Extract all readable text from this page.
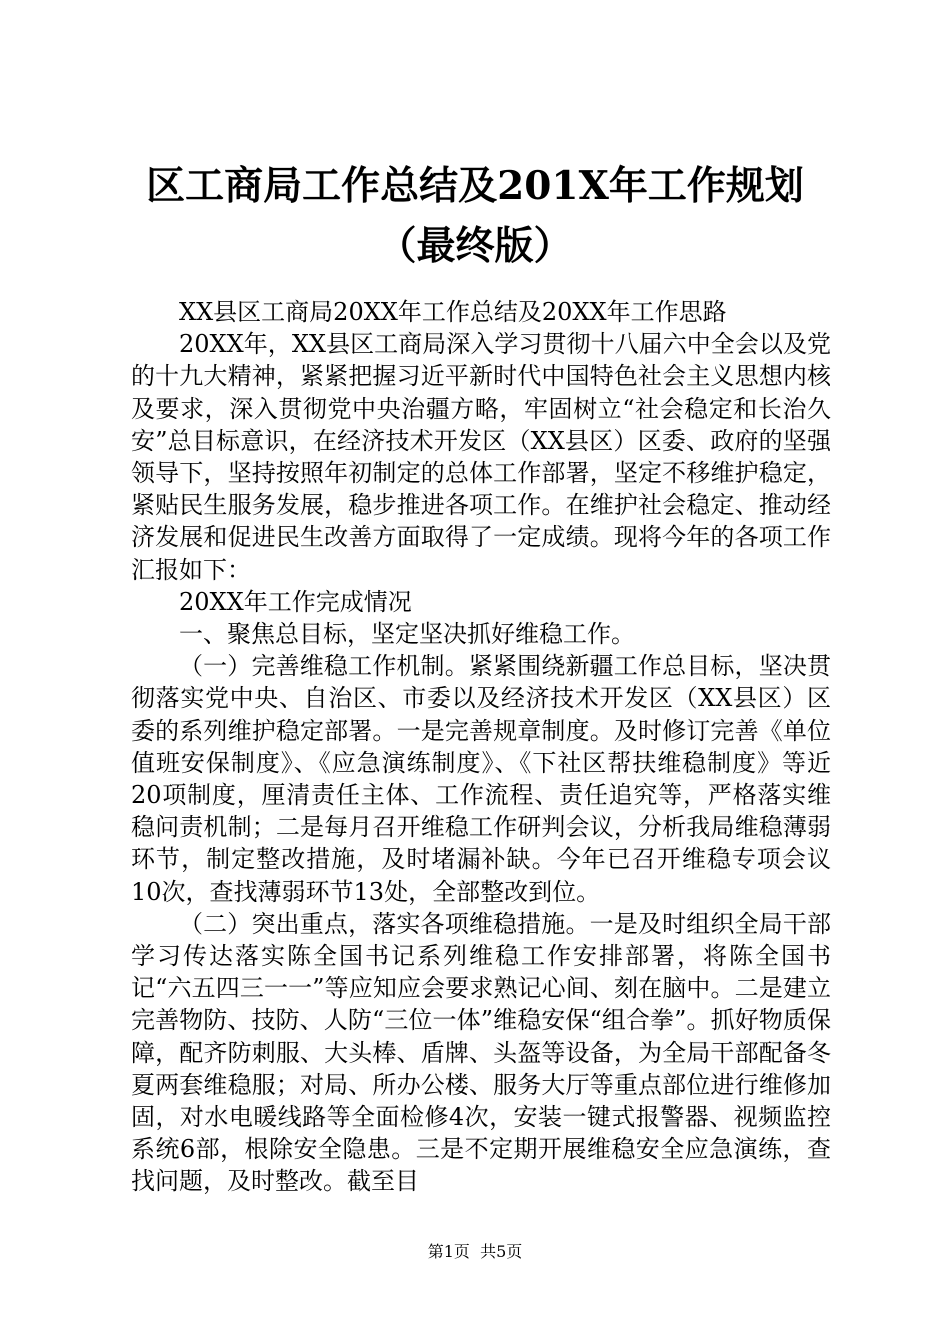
区工商局工作总结及201X年工作规划（最终版）

XX县区工商局20XX年工作总结及20XX年工作思路

20XX年，XX县区工商局深入学习贯彻十八届六中全会以及党的十九大精神，紧紧把握习近平新时代中国特色社会主义思想内核及要求，深入贯彻党中央治疆方略，牢固树立“社会稳定和长治久安”总目标意识，在经济技术开发区（XX县区）区委、政府的坚强领导下，坚持按照年初制定的总体工作部署，坚定不移维护稳定，紧贴民生服务发展，稳步推进各项工作。在维护社会稳定、推动经济发展和促进民生改善方面取得了一定成绩。现将今年的各项工作汇报如下：

20XX年工作完成情况

一、聚焦总目标，坚定坚决抓好维稳工作。

（一）完善维稳工作机制。紧紧围绕新疆工作总目标，坚决贯彻落实党中央、自治区、市委以及经济技术开发区（XX县区）区委的系列维护稳定部署。一是完善规章制度。及时修订完善《单位值班安保制度》、《应急演练制度》、《下社区帮扶维稳制度》等近20项制度，厘清责任主体、工作流程、责任追究等，严格落实维稳问责机制；二是每月召开维稳工作研判会议，分析我局维稳薄弱环节，制定整改措施，及时堵漏补缺。今年已召开维稳专项会议10次，查找薄弱环节13处，全部整改到位。

（二）突出重点，落实各项维稳措施。一是及时组织全局干部学习传达落实陈全国书记系列维稳工作安排部署，将陈全国书记“六五四三一一”等应知应会要求熟记心间、刻在脑中。二是建立完善物防、技防、人防“三位一体”维稳安保“组合拳”。抓好物质保障，配齐防刺服、大头棒、盾牌、头盔等设备，为全局干部配备冬夏两套维稳服；对局、所办公楼、服务大厅等重点部位进行维修加固，对水电暖线路等全面检修4次，安装一键式报警器、视频监控系统6部，根除安全隐患。三是不定期开展维稳安全应急演练，查找问题，及时整改。截至目

第1页  共5页
